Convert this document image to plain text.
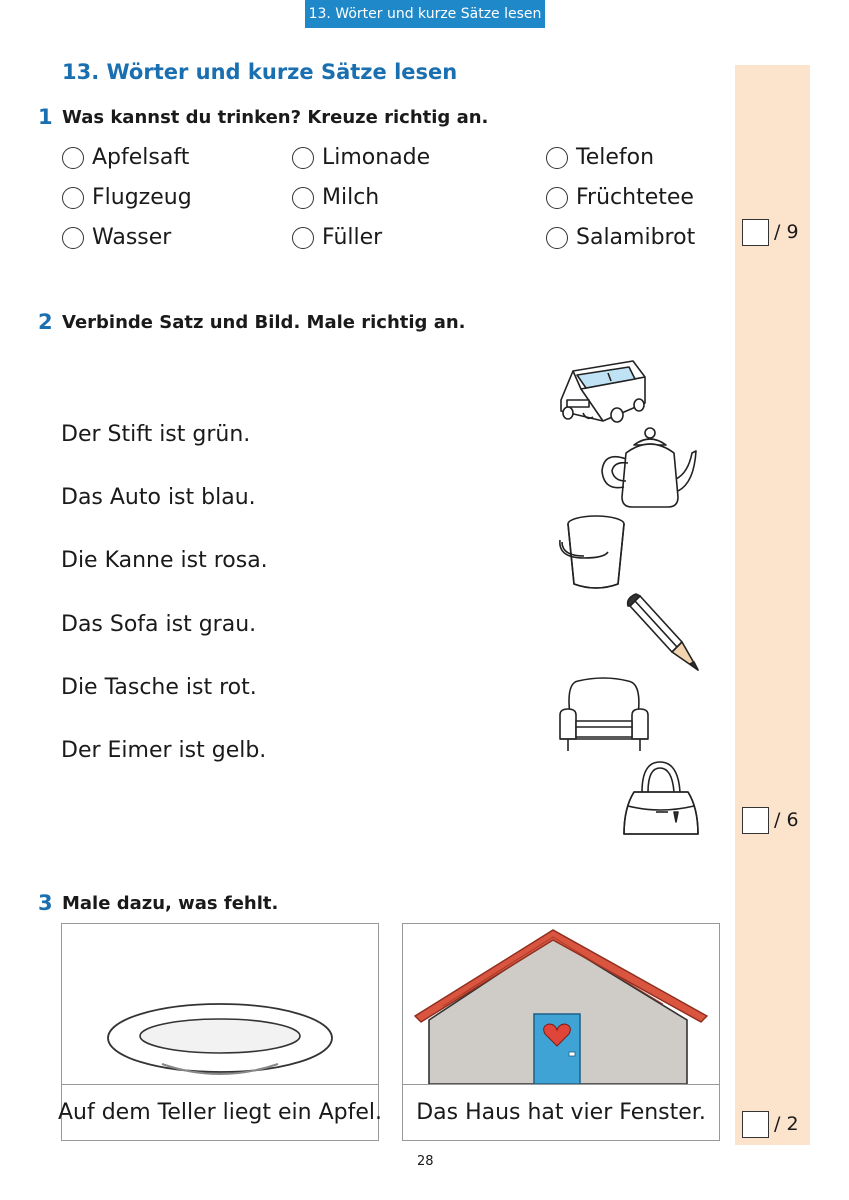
13. Wörter und kurze Sätze lesen
13. Wörter und kurze Sätze lesen
1 Was kannst du trinken? Kreuze richtig an.
Apfelsaft	Limonade	Telefon
Flugzeug	Milch	Früchtetee
Wasser	Füller	Salamibrot	/ 9
2 Verbinde Satz und Bild. Male richtig an.
Der Stift ist grün.
Das Auto ist blau.
Die Kanne ist rosa.
Das Sofa ist grau.
Die Tasche ist rot.
Der Eimer ist gelb.
/ 6
3 Male dazu, was fehlt.
Auf dem Teller liegt ein Apfel.	Das Haus hat vier Fenster.	/ 2
28
